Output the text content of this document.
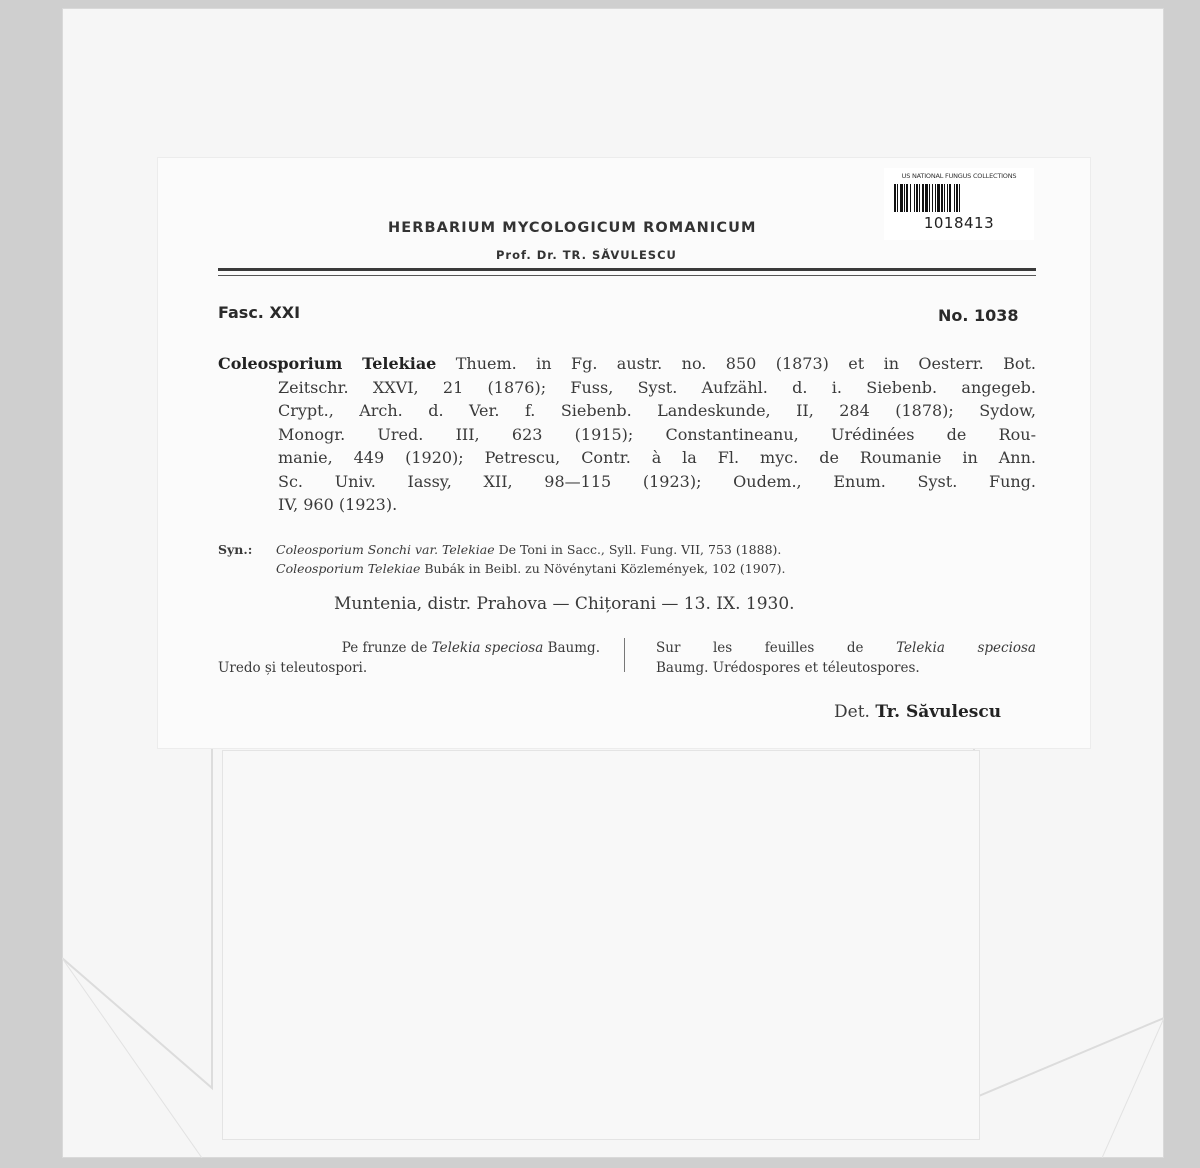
US NATIONAL FUNGUS COLLECTIONS
1018413
HERBARIUM MYCOLOGICUM ROMANICUM
Prof. Dr. TR. SĂVULESCU
Fasc. XXI	No. 1038
Coleosporium Telekiae Thuem. in Fg. austr. no. 850 (1873) et in Oesterr. Bot.
Zeitschr. XXVI, 21 (1876); Fuss, Syst. Aufzähl. d. i. Siebenb. angegeb.
Crypt., Arch. d. Ver. f. Siebenb. Landeskunde, II, 284 (1878); Sydow,
Monogr. Ured. III, 623 (1915); Constantineanu, Urédinées de Rou-
manie, 449 (1920); Petrescu, Contr. à la Fl. myc. de Roumanie in Ann.
Sc. Univ. Iassy, XII, 98—115 (1923); Oudem., Enum. Syst. Fung.
IV, 960 (1923).
Syn.: Coleosporium Sonchi var. Telekiae De Toni in Sacc., Syll. Fung. VII, 753 (1888).
Coleosporium Telekiae Bubák in Beibl. zu Növénytani Közlemények, 102 (1907).
Muntenia, distr. Prahova — Chițorani — 13. IX. 1930.
Pe frunze de Telekia speciosa Baumg.
Uredo și teleutospori.
Sur les feuilles de Telekia speciosa
Baumg. Urédospores et téleutospores.
Det. Tr. Săvulescu
